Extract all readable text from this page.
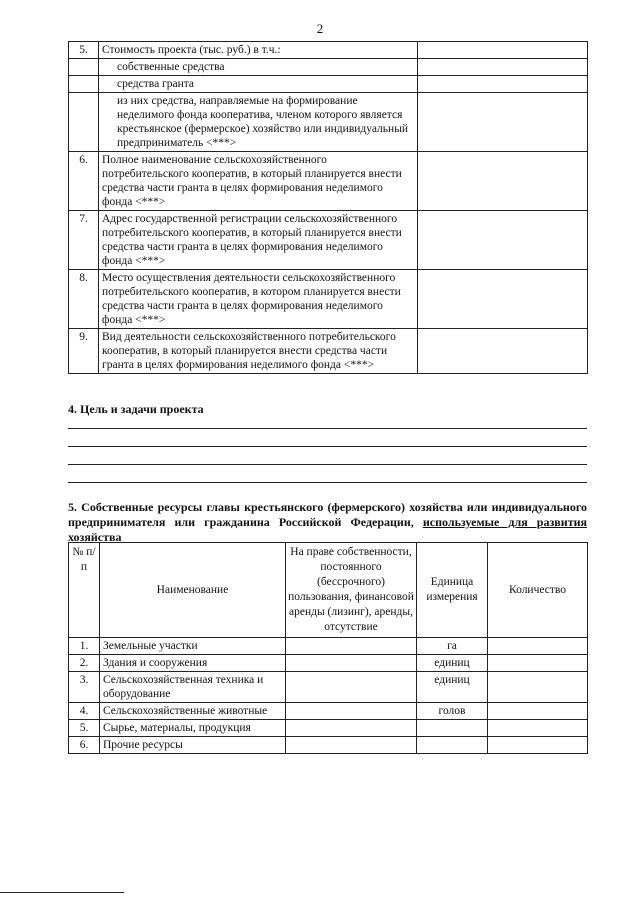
2
5.	Стоимость проекта (тыс. руб.) в т.ч.:	
	собственные средства	
	средства гранта	
	из них средства, направляемые на формирование неделимого фонда кооператива, членом которого является крестьянское (фермерское) хозяйство или индивидуальный предприниматель <***>	
6.	Полное наименование сельскохозяйственного потребительского кооператив, в который планируется внести средства части гранта в целях формирования неделимого фонда <***>	
7.	Адрес государственной регистрации сельскохозяйственного потребительского кооператив, в который планируется внести средства части гранта в целях формирования неделимого фонда <***>	
8.	Место осуществления деятельности сельскохозяйственного потребительского кооператив, в котором планируется внести средства части гранта в целях формирования неделимого фонда <***>	
9.	Вид деятельности сельскохозяйственного потребительского кооператив, в который планируется внести средства части гранта в целях формирования неделимого фонда <***>	
4. Цель и задачи проекта
5. Собственные ресурсы главы крестьянского (фермерского) хозяйства или индивидуального предпринимателя или гражданина Российской Федерации, используемые для развития хозяйства
№ п/п	Наименование	На праве собственности, постоянного (бессрочного) пользования, финансовой аренды (лизинг), аренды, отсутствие	Единица измерения	Количество
1.	Земельные участки		га	
2.	Здания и сооружения		единиц	
3.	Сельскохозяйственная техника и оборудование		единиц	
4.	Сельскохозяйственные животные		голов	
5.	Сырье, материалы, продукция			
6.	Прочие ресурсы			
